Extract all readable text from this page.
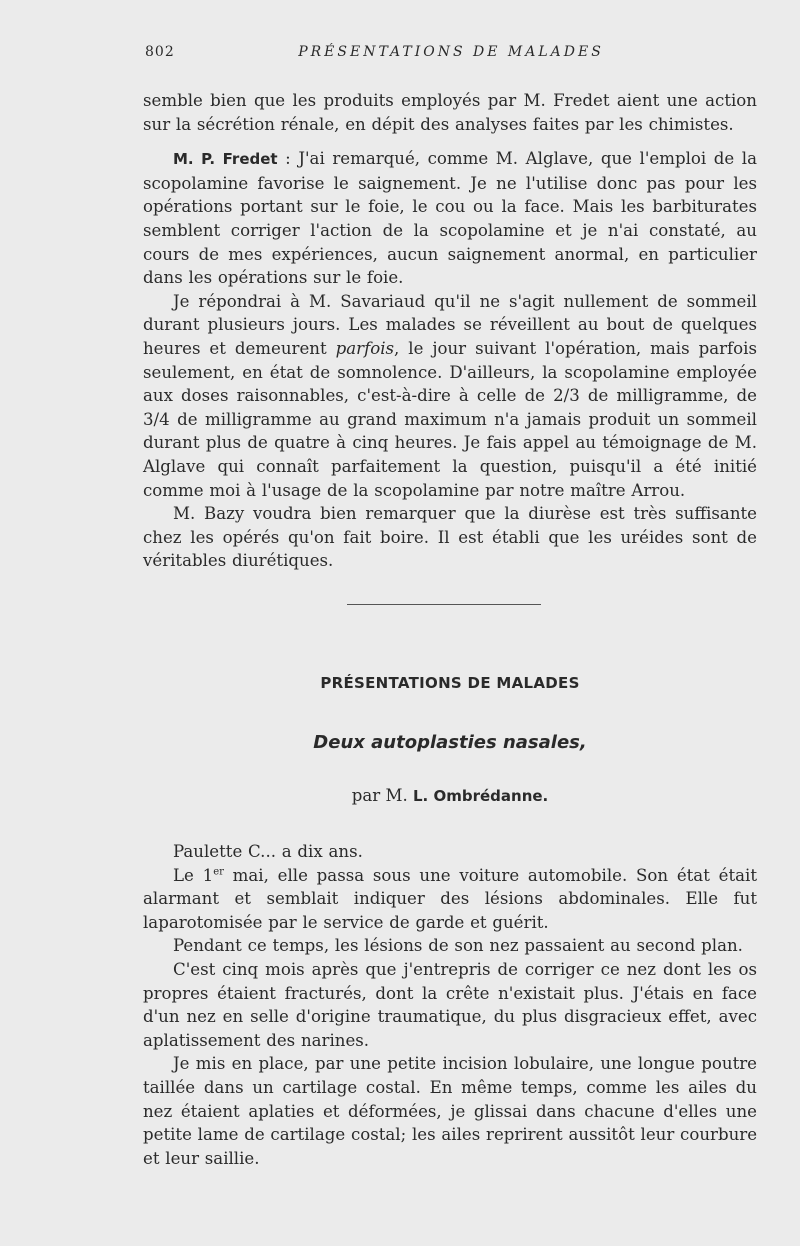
802	PRÉSENTATIONS DE MALADES

semble bien que les produits employés par M. Fredet aient une action sur la sécrétion rénale, en dépit des analyses faites par les chimistes.

M. P. Fredet : J'ai remarqué, comme M. Alglave, que l'emploi de la scopolamine favorise le saignement. Je ne l'utilise donc pas pour les opérations portant sur le foie, le cou ou la face. Mais les barbiturates semblent corriger l'action de la scopolamine et je n'ai constaté, au cours de mes expériences, aucun saignement anormal, en particulier dans les opérations sur le foie.

Je répondrai à M. Savariaud qu'il ne s'agit nullement de sommeil durant plusieurs jours. Les malades se réveillent au bout de quelques heures et demeurent parfois, le jour suivant l'opération, mais parfois seulement, en état de somnolence. D'ailleurs, la scopolamine employée aux doses raisonnables, c'est-à-dire à celle de 2/3 de milligramme, de 3/4 de milligramme au grand maximum n'a jamais produit un sommeil durant plus de quatre à cinq heures. Je fais appel au témoignage de M. Alglave qui connaît parfaitement la question, puisqu'il a été initié comme moi à l'usage de la scopolamine par notre maître Arrou.

M. Bazy voudra bien remarquer que la diurèse est très suffisante chez les opérés qu'on fait boire. Il est établi que les uréides sont de véritables diurétiques.

PRÉSENTATIONS DE MALADES
Deux autoplasties nasales,
par M. L. Ombrédanne.

Paulette C... a dix ans.

Le 1er mai, elle passa sous une voiture automobile. Son état était alarmant et semblait indiquer des lésions abdominales. Elle fut laparotomisée par le service de garde et guérit.

Pendant ce temps, les lésions de son nez passaient au second plan.

C'est cinq mois après que j'entrepris de corriger ce nez dont les os propres étaient fracturés, dont la crête n'existait plus. J'étais en face d'un nez en selle d'origine traumatique, du plus disgracieux effet, avec aplatissement des narines.

Je mis en place, par une petite incision lobulaire, une longue poutre taillée dans un cartilage costal. En même temps, comme les ailes du nez étaient aplaties et déformées, je glissai dans chacune d'elles une petite lame de cartilage costal; les ailes reprirent aussitôt leur courbure et leur saillie.
